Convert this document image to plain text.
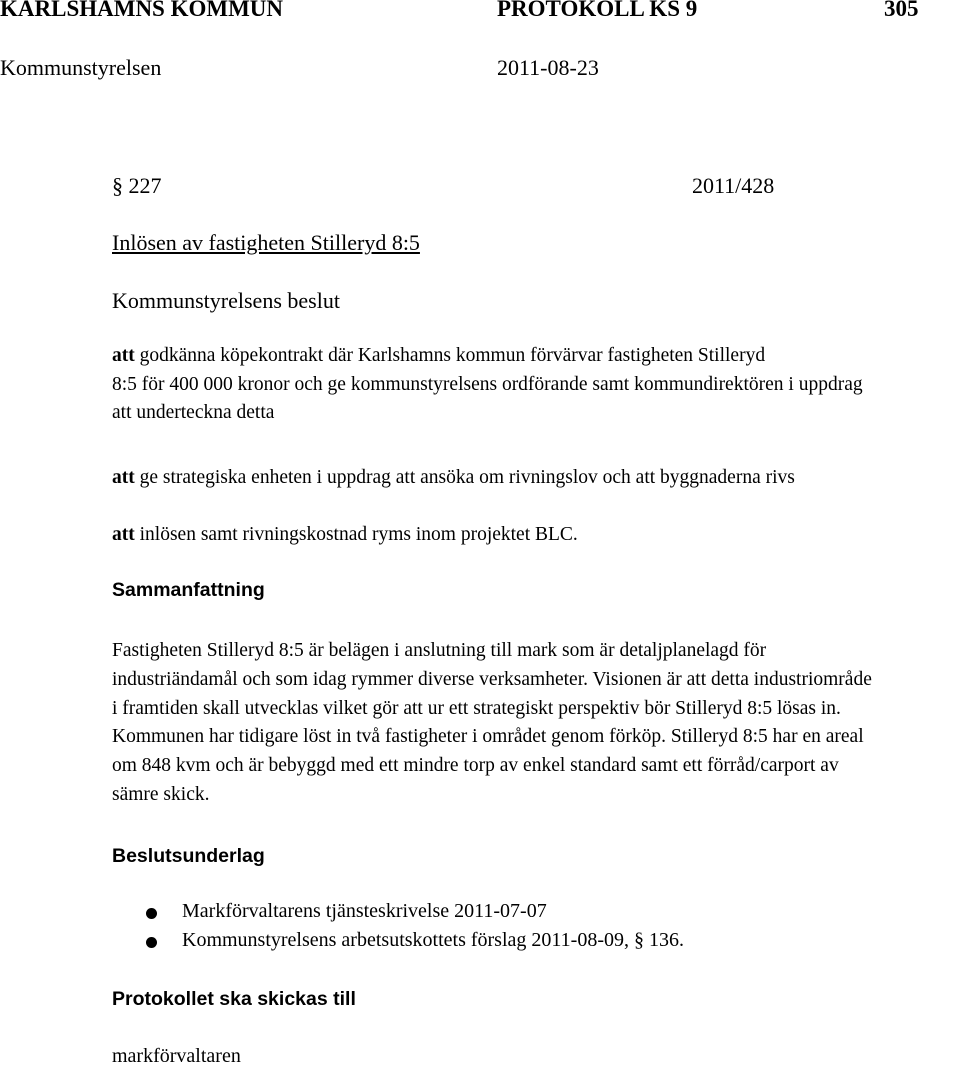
KARLSHAMNS KOMMUN	PROTOKOLL KS 9	305
Kommunstyrelsen	2011-08-23
§ 227	2011/428
Inlösen av fastigheten Stilleryd 8:5
Kommunstyrelsens beslut
att godkänna köpekontrakt där Karlshamns kommun förvärvar fastigheten Stilleryd
8:5 för 400 000 kronor och ge kommunstyrelsens ordförande samt kommundirektören i uppdrag
att underteckna detta
att ge strategiska enheten i uppdrag att ansöka om rivningslov och att byggnaderna rivs
att inlösen samt rivningskostnad ryms inom projektet BLC.
Sammanfattning
Fastigheten Stilleryd 8:5 är belägen i anslutning till mark som är detaljplanelagd för
industriändamål och som idag rymmer diverse verksamheter. Visionen är att detta industriområde
i framtiden skall utvecklas vilket gör att ur ett strategiskt perspektiv bör Stilleryd 8:5 lösas in.
Kommunen har tidigare löst in två fastigheter i området genom förköp. Stilleryd 8:5 har en areal
om 848 kvm och är bebyggd med ett mindre torp av enkel standard samt ett förråd/carport av
sämre skick.
Beslutsunderlag
Markförvaltarens tjänsteskrivelse 2011-07-07
Kommunstyrelsens arbetsutskottets förslag 2011-08-09, § 136.
Protokollet ska skickas till
markförvaltaren
